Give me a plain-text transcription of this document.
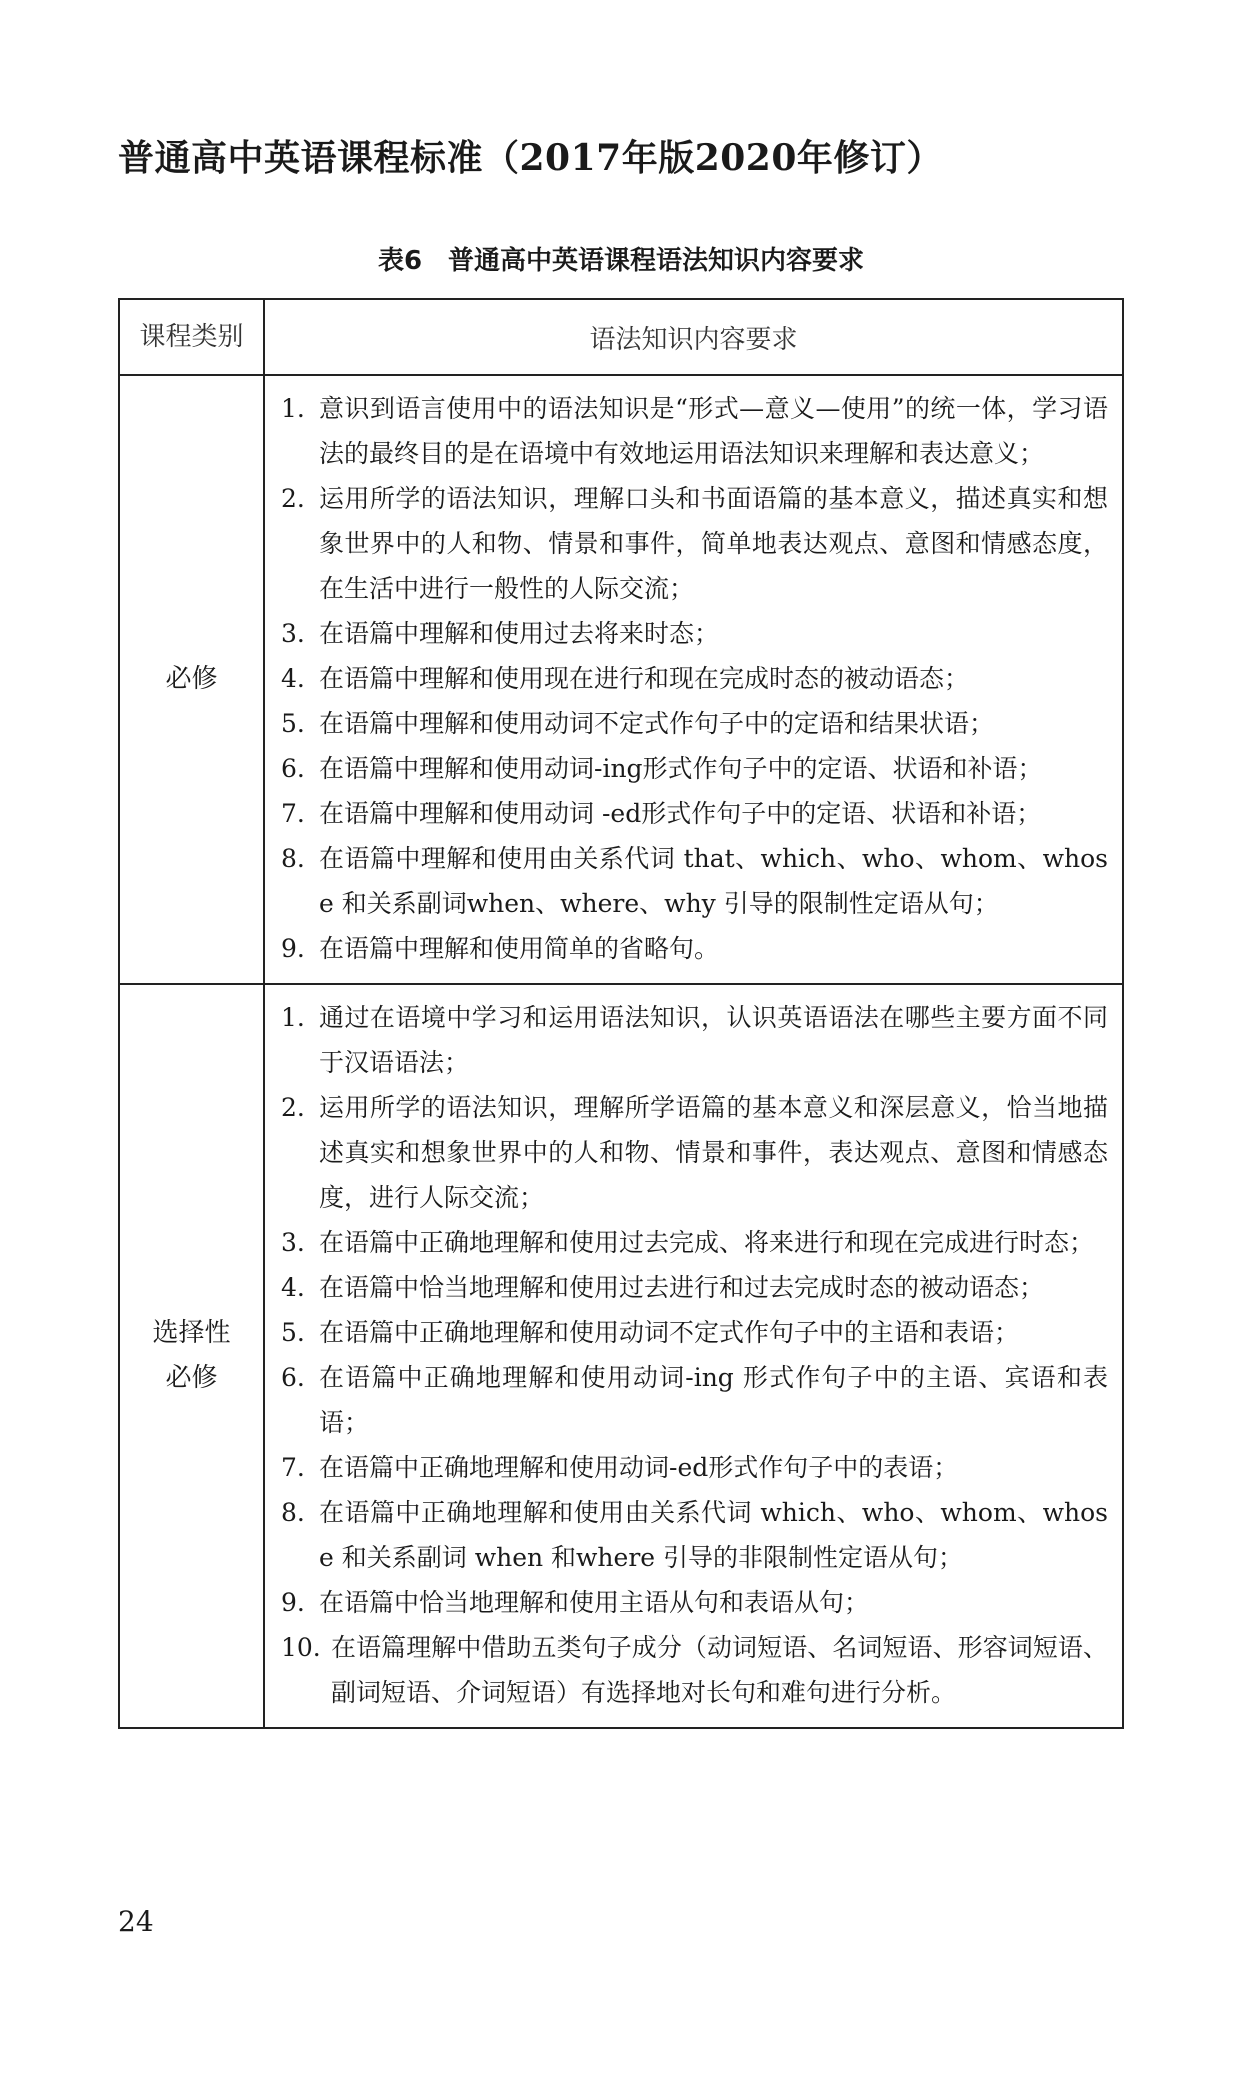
普通高中英语课程标准（2017年版2020年修订）
表6 普通高中英语课程语法知识内容要求
课程类别	语法知识内容要求
必修
1. 意识到语言使用中的语法知识是“形式—意义—使用”的统一体，学习语法的最终目的是在语境中有效地运用语法知识来理解和表达意义；
2. 运用所学的语法知识，理解口头和书面语篇的基本意义，描述真实和想象世界中的人和物、情景和事件，简单地表达观点、意图和情感态度，在生活中进行一般性的人际交流；
3. 在语篇中理解和使用过去将来时态；
4. 在语篇中理解和使用现在进行和现在完成时态的被动语态；
5. 在语篇中理解和使用动词不定式作句子中的定语和结果状语；
6. 在语篇中理解和使用动词-ing形式作句子中的定语、状语和补语；
7. 在语篇中理解和使用动词 -ed形式作句子中的定语、状语和补语；
8. 在语篇中理解和使用由关系代词 that、which、who、whom、whose 和关系副词when、where、why 引导的限制性定语从句；
9. 在语篇中理解和使用简单的省略句。
选择性
必修
1. 通过在语境中学习和运用语法知识，认识英语语法在哪些主要方面不同于汉语语法；
2. 运用所学的语法知识，理解所学语篇的基本意义和深层意义，恰当地描述真实和想象世界中的人和物、情景和事件，表达观点、意图和情感态度，进行人际交流；
3. 在语篇中正确地理解和使用过去完成、将来进行和现在完成进行时态；
4. 在语篇中恰当地理解和使用过去进行和过去完成时态的被动语态；
5. 在语篇中正确地理解和使用动词不定式作句子中的主语和表语；
6. 在语篇中正确地理解和使用动词-ing 形式作句子中的主语、宾语和表语；
7. 在语篇中正确地理解和使用动词-ed形式作句子中的表语；
8. 在语篇中正确地理解和使用由关系代词 which、who、whom、whose 和关系副词 when 和where 引导的非限制性定语从句；
9. 在语篇中恰当地理解和使用主语从句和表语从句；
10. 在语篇理解中借助五类句子成分（动词短语、名词短语、形容词短语、副词短语、介词短语）有选择地对长句和难句进行分析。
24
